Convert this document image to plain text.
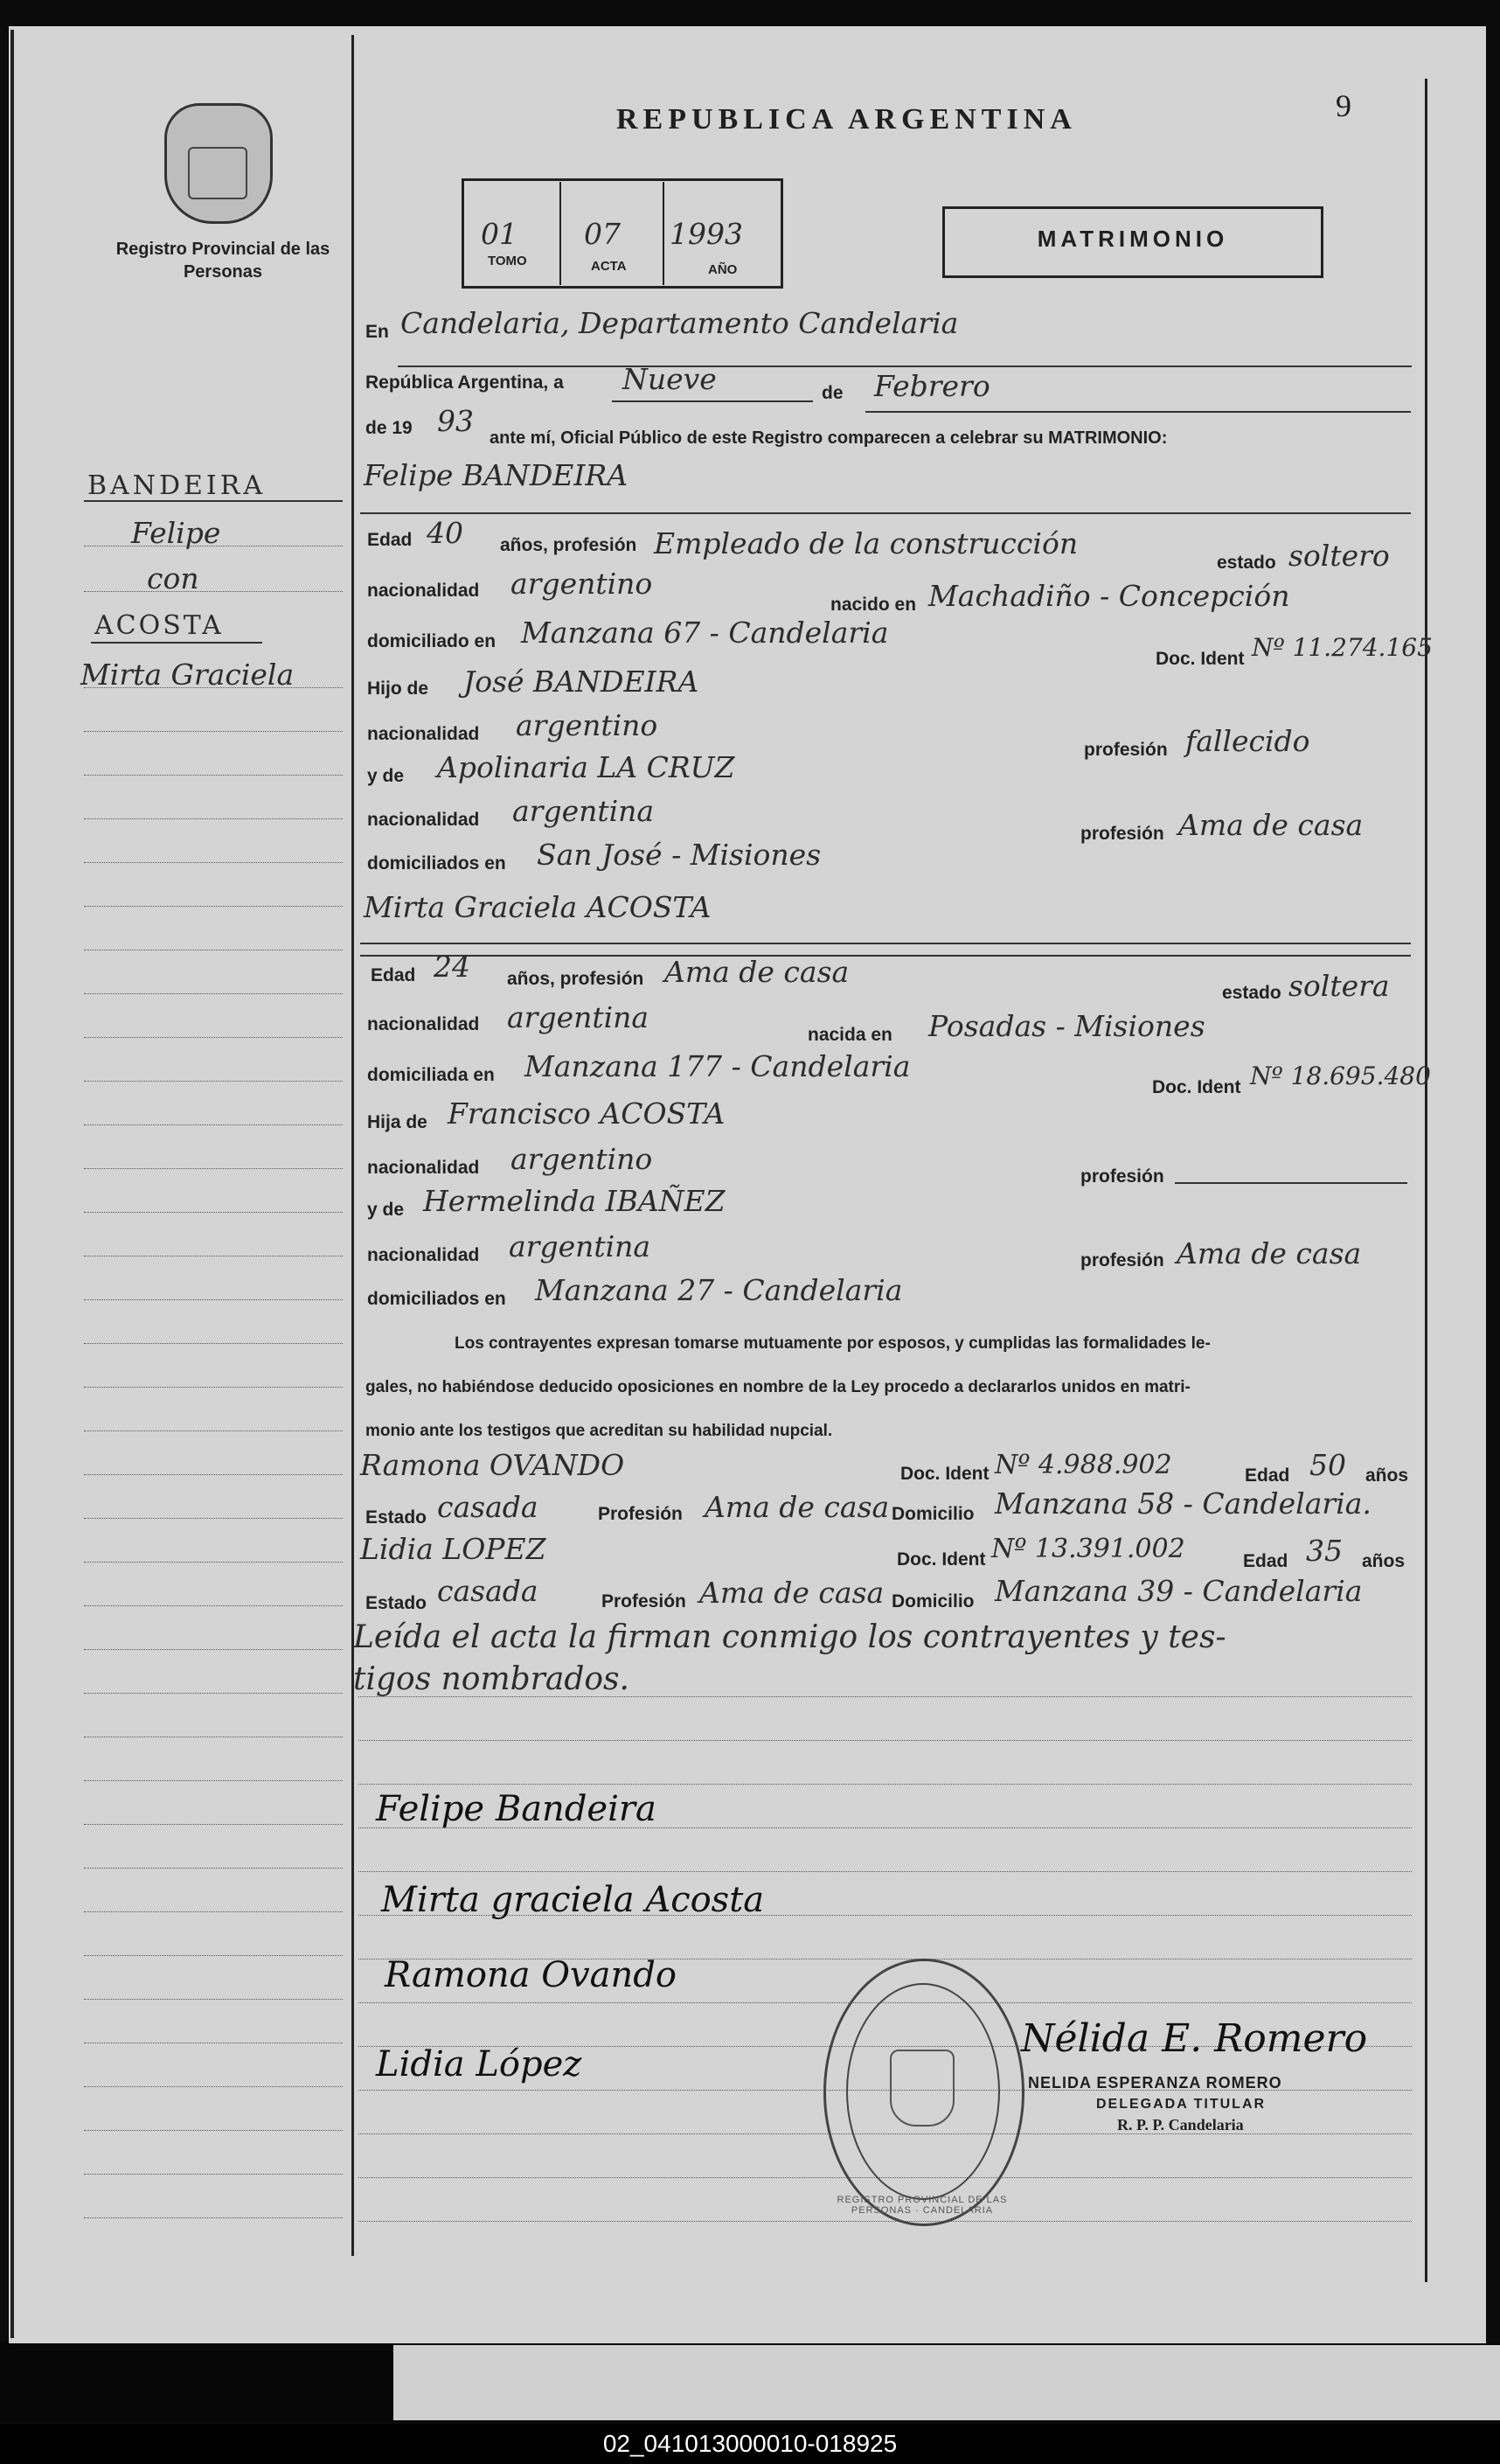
02_041013000010-018925
Registro Provincial de las Personas
REPUBLICA ARGENTINA	9
01 07 1993
TOMO	ACTA	AÑO
MATRIMONIO
BANDEIRA
Felipe
con
ACOSTA
Mirta Graciela
En Candelaria, Departamento Candelaria
República Argentina, a Nueve	de Febrero
de 19 93 ante mí, Oficial Público de este Registro comparecen a celebrar su MATRIMONIO:
Felipe BANDEIRA
Edad 40 años, profesión Empleado de la construcción
estado soltero
nacionalidad argentino
nacido en Machadiño - Concepción
domiciliado en Manzana 67 - Candelaria
Doc. Ident Nº 11.274.165
Hijo de José BANDEIRA
nacionalidad argentino
profesión fallecido
y de Apolinaria LA CRUZ
nacionalidad argentina
profesión Ama de casa
domiciliados en San José - Misiones
Mirta Graciela ACOSTA
Edad 24 años, profesión Ama de casa
estado soltera
nacionalidad argentina
nacida en Posadas - Misiones
domiciliada en Manzana 177 - Candelaria
Doc. Ident Nº 18.695.480
Hija de Francisco ACOSTA
nacionalidad argentino
profesión
y de Hermelinda IBAÑEZ
nacionalidad argentina	profesión Ama de casa
domiciliados en Manzana 27 - Candelaria
Los contrayentes expresan tomarse mutuamente por esposos, y cumplidas las formalidades le-
gales, no habiéndose deducido oposiciones en nombre de la Ley procedo a declararlos unidos en matri-
monio ante los testigos que acreditan su habilidad nupcial.
Ramona OVANDO	Doc. Ident Nº 4.988.902	Edad 50 años
Estado casada	Profesión Ama de casa Domicilio Manzana 58 - Candelaria.
Lidia LOPEZ	Doc. Ident Nº 13.391.002	Edad 35 años
Estado casada	Profesión Ama de casa Domicilio Manzana 39 - Candelaria
Leída el acta la firman conmigo los contrayentes y tes-
tigos nombrados.
Felipe Bandeira
Mirta graciela Acosta
Ramona Ovando
Lidia López
REGISTRO PROVINCIAL DE LAS PERSONAS · CANDELARIA
Nélida E. Romero
NELIDA ESPERANZA ROMERO
DELEGADA TITULAR
R. P. P. Candelaria
